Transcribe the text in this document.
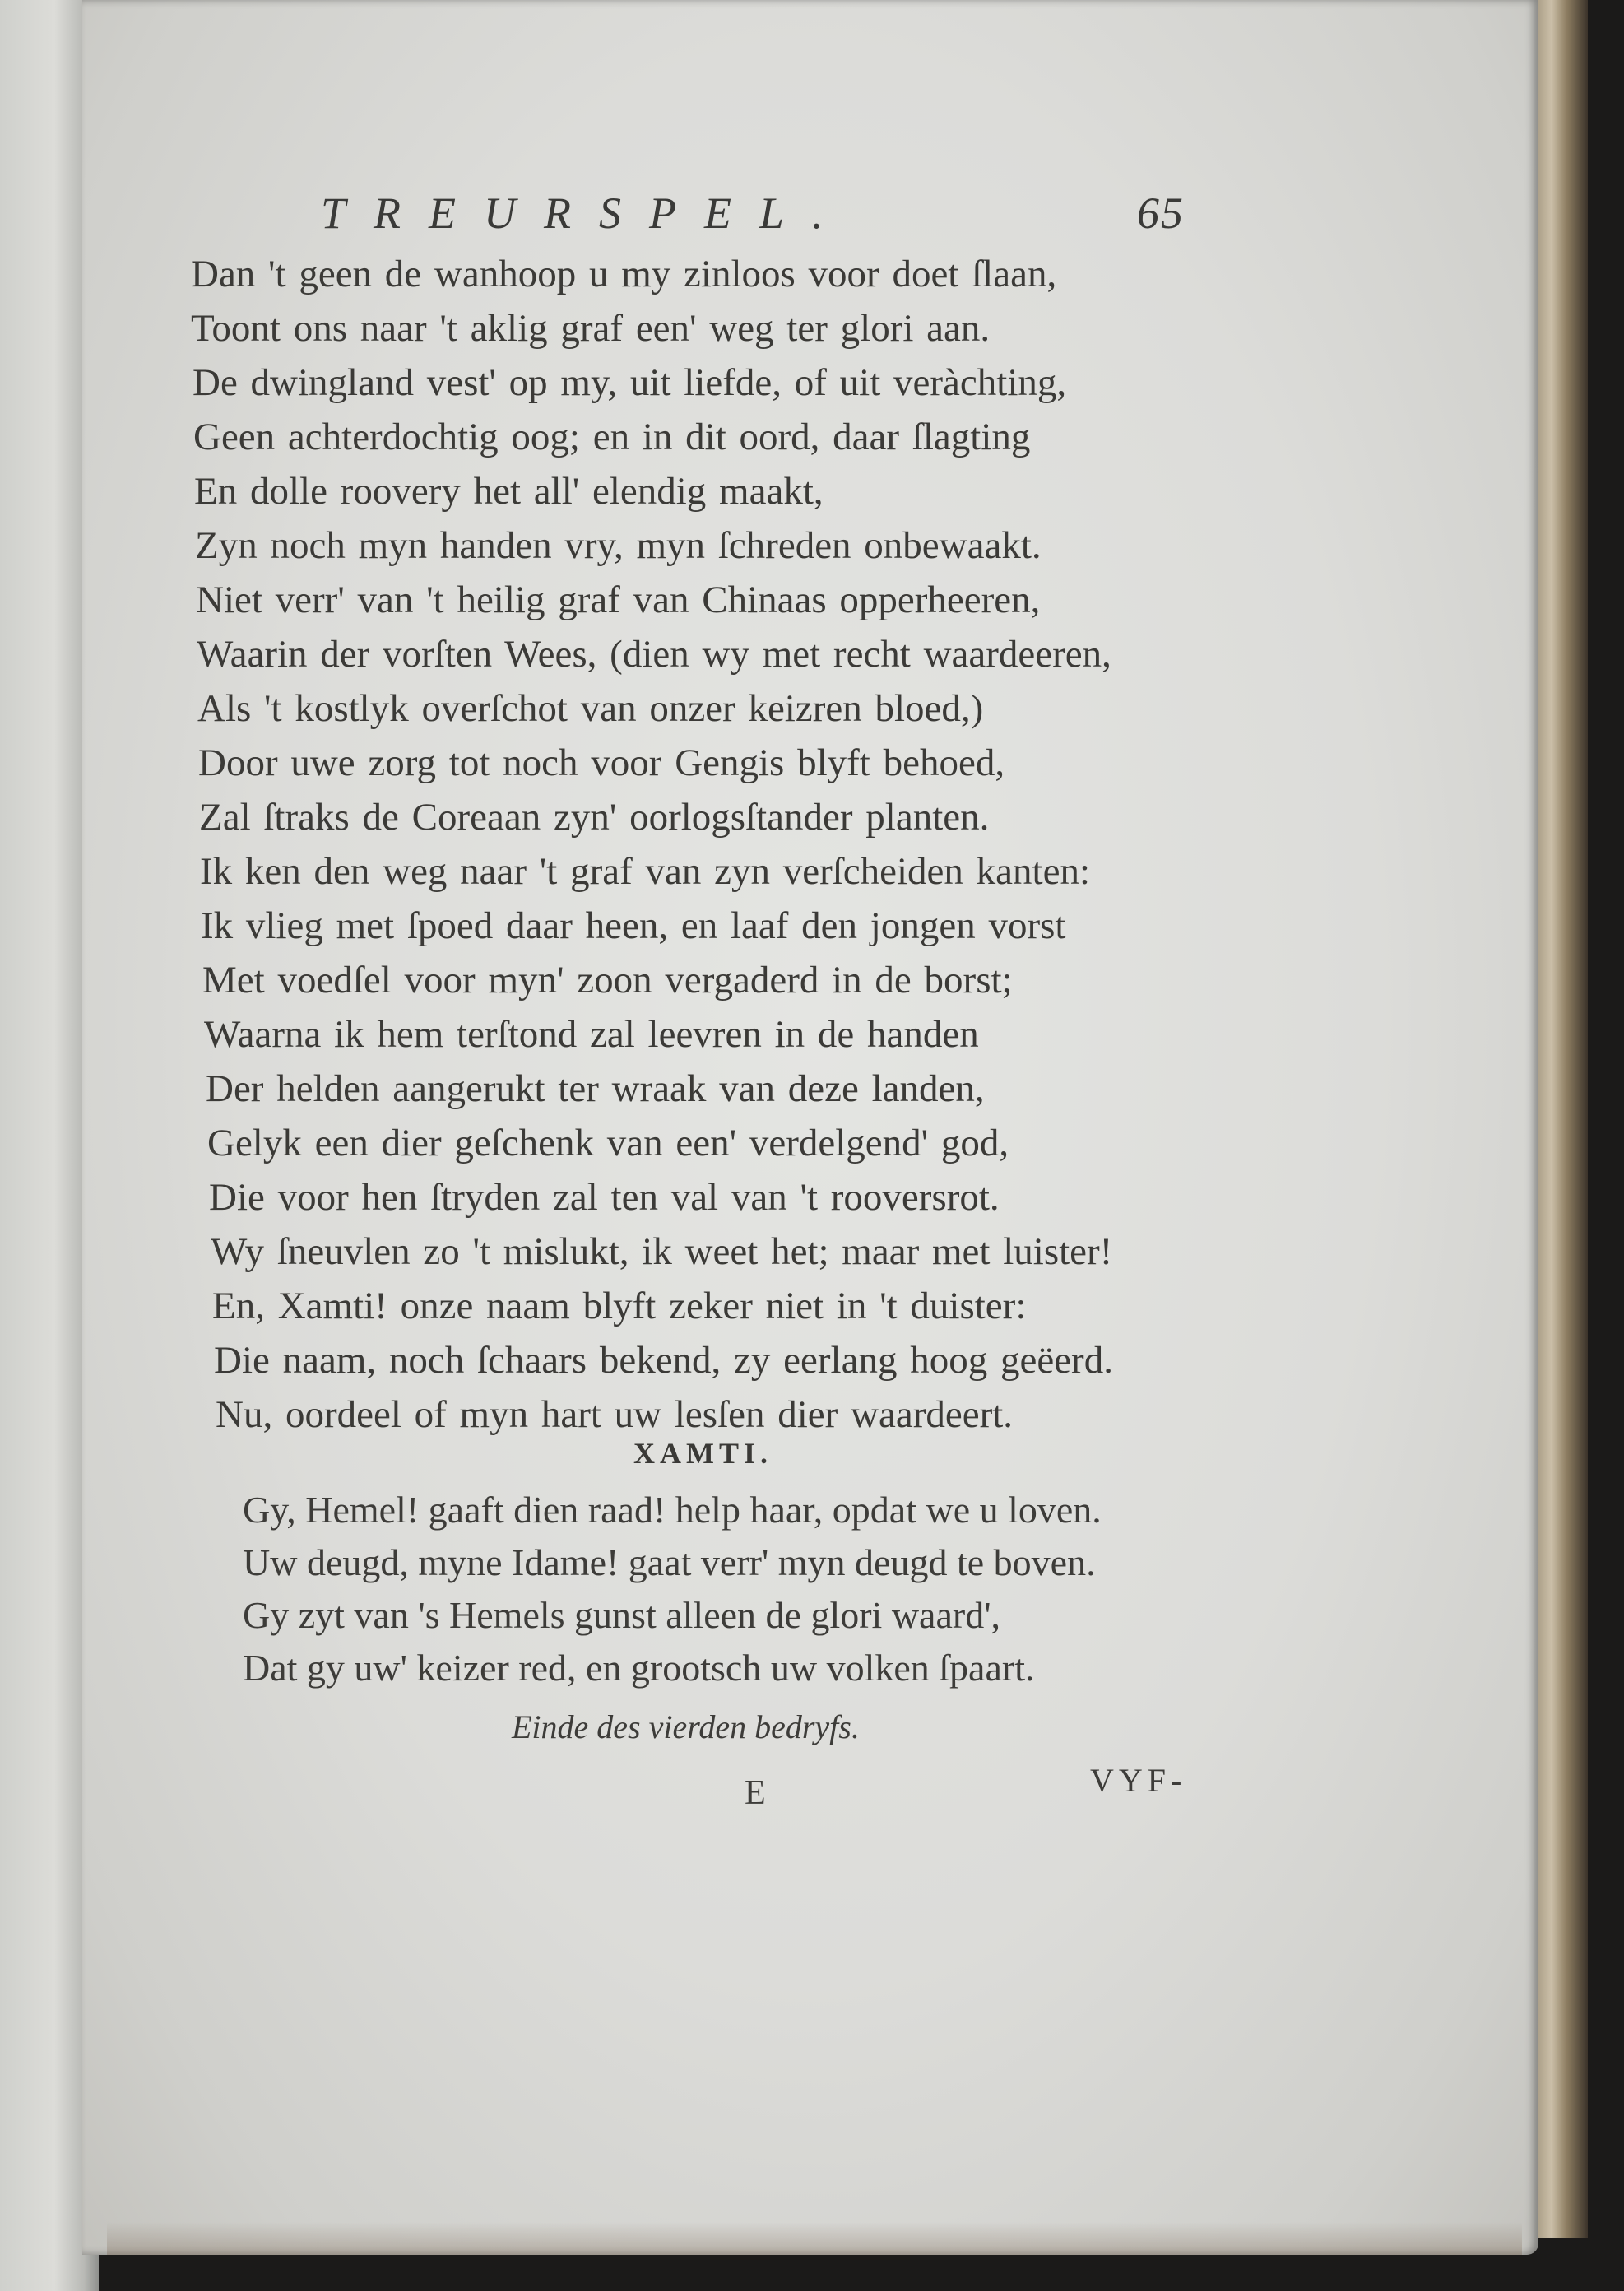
TREURSPEL.	65
Dan 't geen de wanhoop u my zinloos voor doet ſlaan,
Toont ons naar 't aklig graf een' weg ter glori aan.
De dwingland vest' op my, uit liefde, of uit veràchting,
Geen achterdochtig oog; en in dit oord, daar ſlagting
En dolle roovery het all' elendig maakt,
Zyn noch myn handen vry, myn ſchreden onbewaakt.
Niet verr' van 't heilig graf van Chinaas opperheeren,
Waarin der vorſten Wees, (dien wy met recht waardeeren,
Als 't kostlyk overſchot van onzer keizren bloed,)
Door uwe zorg tot noch voor Gengis blyft behoed,
Zal ſtraks de Coreaan zyn' oorlogsſtander planten.
Ik ken den weg naar 't graf van zyn verſcheiden kanten:
Ik vlieg met ſpoed daar heen, en laaf den jongen vorst
Met voedſel voor myn' zoon vergaderd in de borst;
Waarna ik hem terſtond zal leevren in de handen
Der helden aangerukt ter wraak van deze landen,
Gelyk een dier geſchenk van een' verdelgend' god,
Die voor hen ſtryden zal ten val van 't rooversrot.
Wy ſneuvlen zo 't mislukt, ik weet het; maar met luister!
En, Xamti! onze naam blyft zeker niet in 't duister:
Die naam, noch ſchaars bekend, zy eerlang hoog geëerd.
Nu, oordeel of myn hart uw lesſen dier waardeert.
XAMTI.
Gy, Hemel! gaaft dien raad! help haar, opdat we u loven.
Uw deugd, myne Idame! gaat verr' myn deugd te boven.
Gy zyt van 's Hemels gunst alleen de glori waard',
Dat gy uw' keizer red, en grootsch uw volken ſpaart.
Einde des vierden bedryfs.
E	VYF-
